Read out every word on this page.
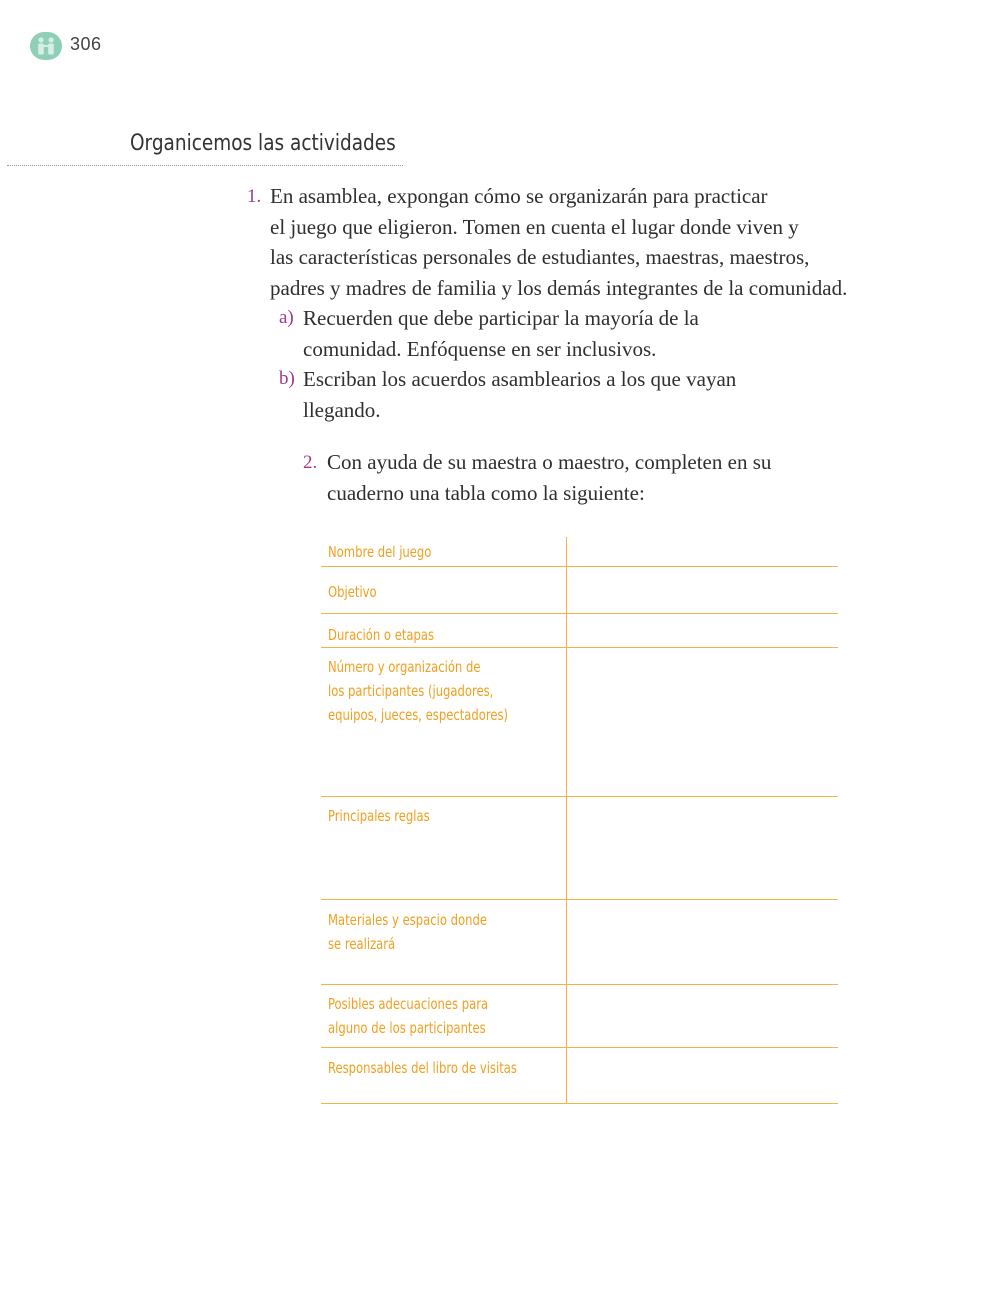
306
Organicemos las actividades
1. En asamblea, expongan cómo se organizarán para practicar
el juego que eligieron. Tomen en cuenta el lugar donde viven y
las características personales de estudiantes, maestras, maestros,
padres y madres de familia y los demás integrantes de la comunidad.
a) Recuerden que debe participar la mayoría de la
comunidad. Enfóquense en ser inclusivos.
b) Escriban los acuerdos asamblearios a los que vayan
llegando.
2. Con ayuda de su maestra o maestro, completen en su
cuaderno una tabla como la siguiente:
Nombre del juego
Objetivo
Duración o etapas
Número y organización de
los participantes (jugadores,
equipos, jueces, espectadores)
Principales reglas
Materiales y espacio donde
se realizará
Posibles adecuaciones para
alguno de los participantes
Responsables del libro de visitas
